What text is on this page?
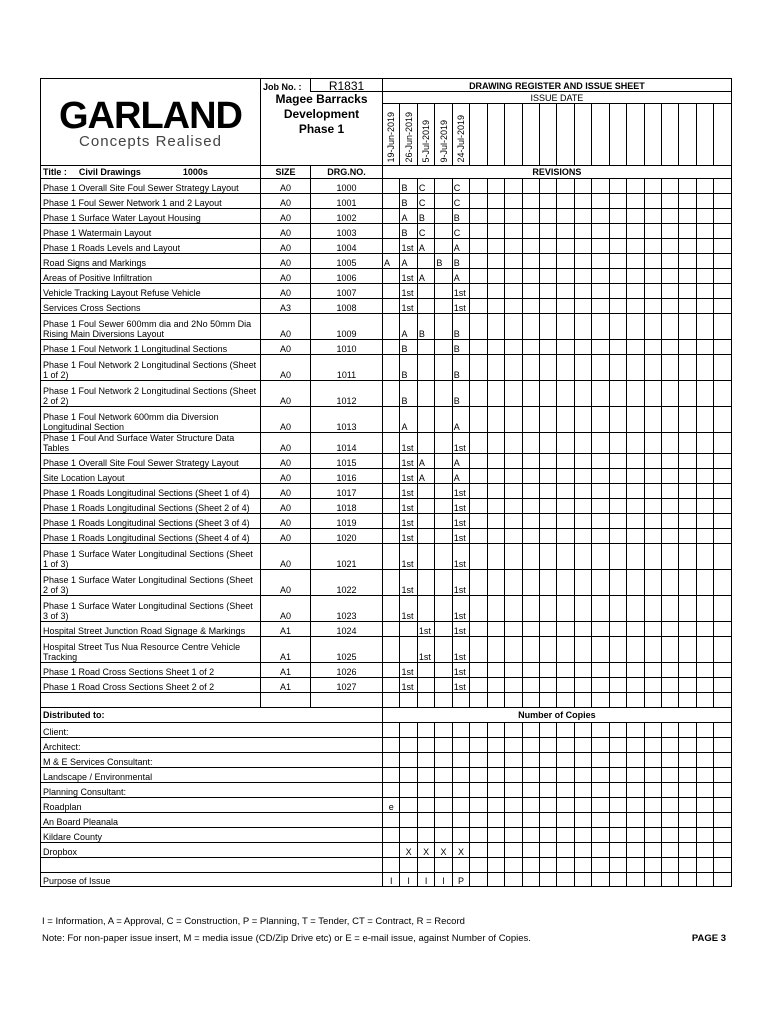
GARLAND
Concepts Realised	Job No. :	R1831	DRAWING REGISTER AND ISSUE SHEET																			

	Magee Barracks
Development
Phase 1		ISSUE DATE																			
			19-Jun-2019	26-Jun-2019	5-Jul-2019	9-Jul-2019	24-Jul-2019															
Title : Civil Drawings 1000s	SIZE	DRG.NO.	REVISIONS																			
Phase 1 Overall Site Foul Sewer Strategy Layout	A0	1000		B	C		C															
Phase 1 Foul Sewer Network 1 and 2 Layout	A0	1001		B	C		C															
Phase 1 Surface Water Layout Housing	A0	1002		A	B		B															
Phase 1 Watermain Layout	A0	1003		B	C		C															
Phase 1 Roads Levels and Layout	A0	1004		1st	A		A															
Road Signs and Markings	A0	1005	A	A		B	B															
Areas of Positive Infiltration	A0	1006		1st	A		A															
Vehicle Tracking Layout Refuse Vehicle	A0	1007		1st			1st															
Services Cross Sections	A3	1008		1st			1st															
Phase 1 Foul Sewer 600mm dia and 2No 50mm Dia Rising Main Diversions Layout	A0	1009		A	B		B															
Phase 1 Foul Network 1 Longitudinal Sections	A0	1010		B			B															
Phase 1 Foul Network 2 Longitudinal Sections (Sheet 1 of 2)	A0	1011		B			B															
Phase 1 Foul Network 2 Longitudinal Sections (Sheet 2 of 2)	A0	1012		B			B															
Phase 1 Foul Network 600mm dia Diversion Longitudinal Section	A0	1013		A			A															
Phase 1 Foul And Surface Water Structure Data Tables	A0	1014		1st			1st															
Phase 1 Overall Site Foul Sewer Strategy Layout	A0	1015		1st	A		A															
Site Location Layout	A0	1016		1st	A		A															
Phase 1 Roads Longitudinal Sections (Sheet 1 of 4)	A0	1017		1st			1st															
Phase 1 Roads Longitudinal Sections (Sheet 2 of 4)	A0	1018		1st			1st															
Phase 1 Roads Longitudinal Sections (Sheet 3 of 4)	A0	1019		1st			1st															
Phase 1 Roads Longitudinal Sections (Sheet 4 of 4)	A0	1020		1st			1st															
Phase 1 Surface Water Longitudinal Sections (Sheet 1 of 3)	A0	1021		1st			1st															
Phase 1 Surface Water Longitudinal Sections (Sheet 2 of 3)	A0	1022		1st			1st															
Phase 1 Surface Water Longitudinal Sections (Sheet 3 of 3)	A0	1023		1st			1st															
Hospital Street Junction Road Signage & Markings	A1	1024			1st		1st															
Hospital Street Tus Nua Resource Centre Vehicle Tracking	A1	1025			1st		1st															
Phase 1 Road Cross Sections Sheet 1 of 2	A1	1026		1st			1st															
Phase 1 Road Cross Sections Sheet 2 of 2	A1	1027		1st			1st															

Distributed to:			Number of Copies																			
Client:																						
Architect:																						
M & E Services Consultant:																						
Landscape / Environmental																						
Planning Consultant:																						
Roadplan			e																			
An Board Pleanala																						
Kildare County																						
Dropbox				X	X	X	X															

Purpose of Issue			I	I	I	I	P															
I = Information, A = Approval, C = Construction, P = Planning, T = Tender, CT = Contract, R = Record
Note: For non-paper issue insert, M = media issue (CD/Zip Drive etc) or E = e-mail issue, against Number of Copies.	PAGE 3
